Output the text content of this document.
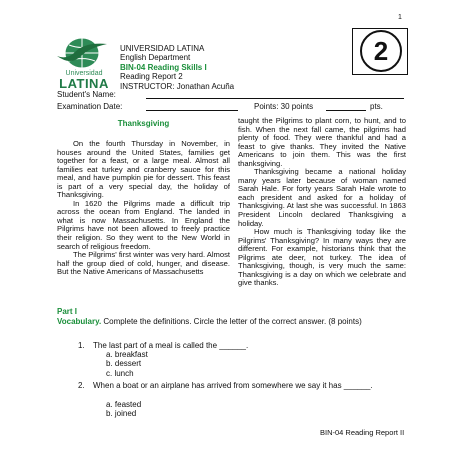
1
Universidad
LATINA
UNIVERSIDAD LATINA
English Department
BIN-04 Reading Skills I
Reading Report 2
INSTRUCTOR: Jonathan Acuña
2
Student's Name:
Examination Date:	Points: 30 points	pts.
Thanksgiving

On the fourth Thursday in November, in houses around the United States, families get together for a feast, or a large meal. Almost all families eat turkey and cranberry sauce for this meal, and have pumpkin pie for dessert. This feast is part of a very special day, the holiday of Thanksgiving.

In 1620 the Pilgrims made a difficult trip across the ocean from England. The landed in what is now Massachusetts. In England the Pilgrims have not been allowed to freely practice their religion. So they went to the New World in search of religious freedom.

The Pilgrims' first winter was very hard. Almost half the group died of cold, hunger, and disease. But the Native Americans of Massachusetts

taught the Pilgrims to plant corn, to hunt, and to fish. When the next fall came, the pilgrims had plenty of food. They were thankful and had a feast to give thanks. They invited the Native Americans to join them. This was the first thanksgiving.

Thanksgiving became a national holiday many years later because of woman named Sarah Hale. For forty years Sarah Hale wrote to each president and asked for a holiday of Thanksgiving. At last she was successful. In 1863 President Lincoln declared Thanksgiving a holiday.

How much is Thanksgiving today like the Pilgrims' Thanksgiving? In many ways they are different. For example, historians think that the Pilgrims ate deer, not turkey. The idea of Thanksgiving, though, is very much the same: Thanksgiving is a day on which we celebrate and give thanks.

Part I
Vocabulary. Complete the definitions. Circle the letter of the correct answer. (8 points)
1. The last part of a meal is called the ______.
a. breakfast
b. dessert
c. lunch
2. When a boat or an airplane has arrived from somewhere we say it has ______.
a. feasted
b. joined
BIN-04 Reading Report II
